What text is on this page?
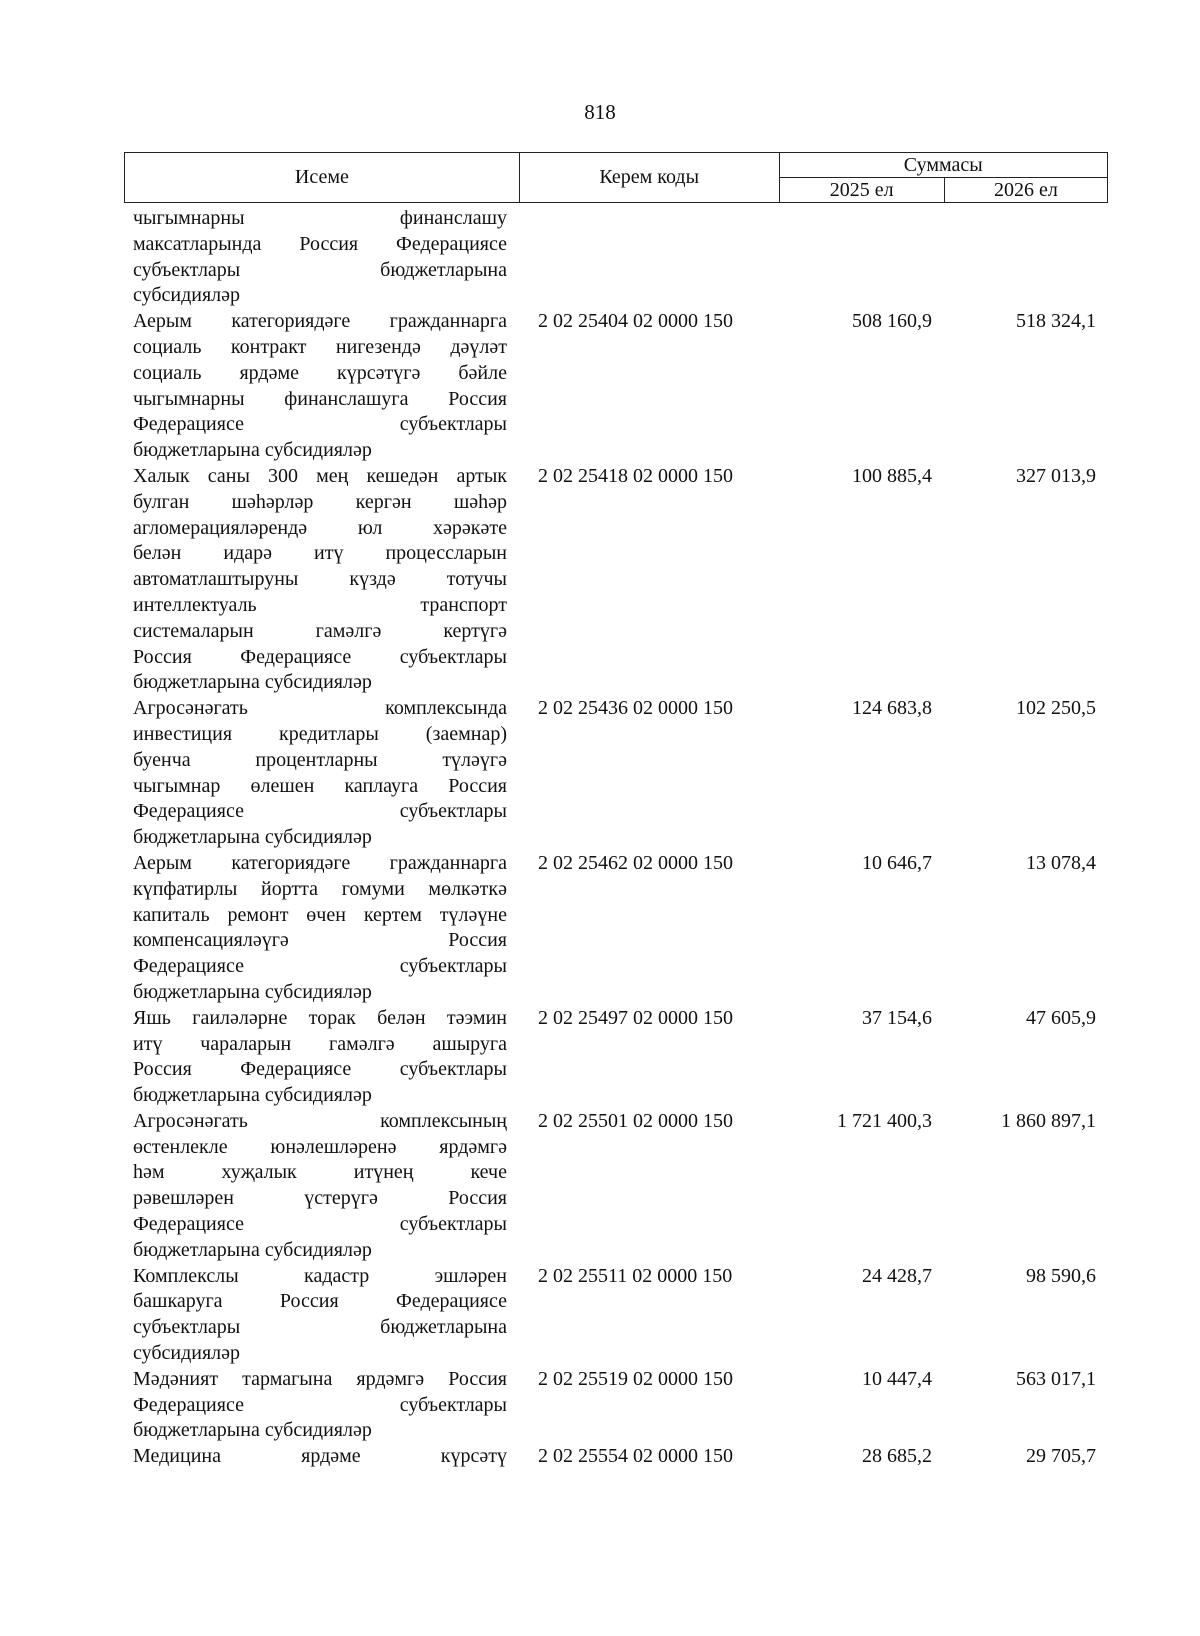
818
Исеме	Керем коды	Суммасы	
		2025 ел	2026 ел
чыгымнарны финанслашу
максатларында Россия Федерациясе
субъектлары бюджетларына
субсидияләр
Аерым категориядәге гражданнарга
социаль контракт нигезендә дәүләт
социаль ярдәме күрсәтүгә бәйле
чыгымнарны финанслашуга Россия
Федерациясе субъектлары
бюджетларына субсидияләр
2 02 25404 02 0000 150	508 160,9	518 324,1
Халык саны 300 мең кешедән артык
булган шәһәрләр кергән шәһәр
агломерацияләрендә юл хәрәкәте
белән идарә итү процессларын
автоматлаштыруны күздә тотучы
интеллектуаль транспорт
системаларын гамәлгә кертүгә
Россия Федерациясе субъектлары
бюджетларына субсидияләр
2 02 25418 02 0000 150	100 885,4	327 013,9
Агросәнәгать комплексында
инвестиция кредитлары (заемнар)
буенча процентларны түләүгә
чыгымнар өлешен каплауга Россия
Федерациясе субъектлары
бюджетларына субсидияләр
2 02 25436 02 0000 150	124 683,8	102 250,5
Аерым категориядәге гражданнарга
күпфатирлы йортта гомуми мөлкәткә
капиталь ремонт өчен кертем түләүне
компенсацияләүгә Россия
Федерациясе субъектлары
бюджетларына субсидияләр
2 02 25462 02 0000 150	10 646,7	13 078,4
Яшь гаиләләрне торак белән тәэмин
итү чараларын гамәлгә ашыруга
Россия Федерациясе субъектлары
бюджетларына субсидияләр
2 02 25497 02 0000 150	37 154,6	47 605,9
Агросәнәгать комплексының
өстенлекле юнәлешләренә ярдәмгә
һәм хуҗалык итүнең кече
рәвешләрен үстерүгә Россия
Федерациясе субъектлары
бюджетларына субсидияләр
2 02 25501 02 0000 150	1 721 400,3	1 860 897,1
Комплекслы кадастр эшләрен
башкаруга Россия Федерациясе
субъектлары бюджетларына
субсидияләр
2 02 25511 02 0000 150	24 428,7	98 590,6
Мәдәният тармагына ярдәмгә Россия
Федерациясе субъектлары
бюджетларына субсидияләр
2 02 25519 02 0000 150	10 447,4	563 017,1
Медицина ярдәме күрсәтү 2 02 25554 02 0000 150	28 685,2	29 705,7
